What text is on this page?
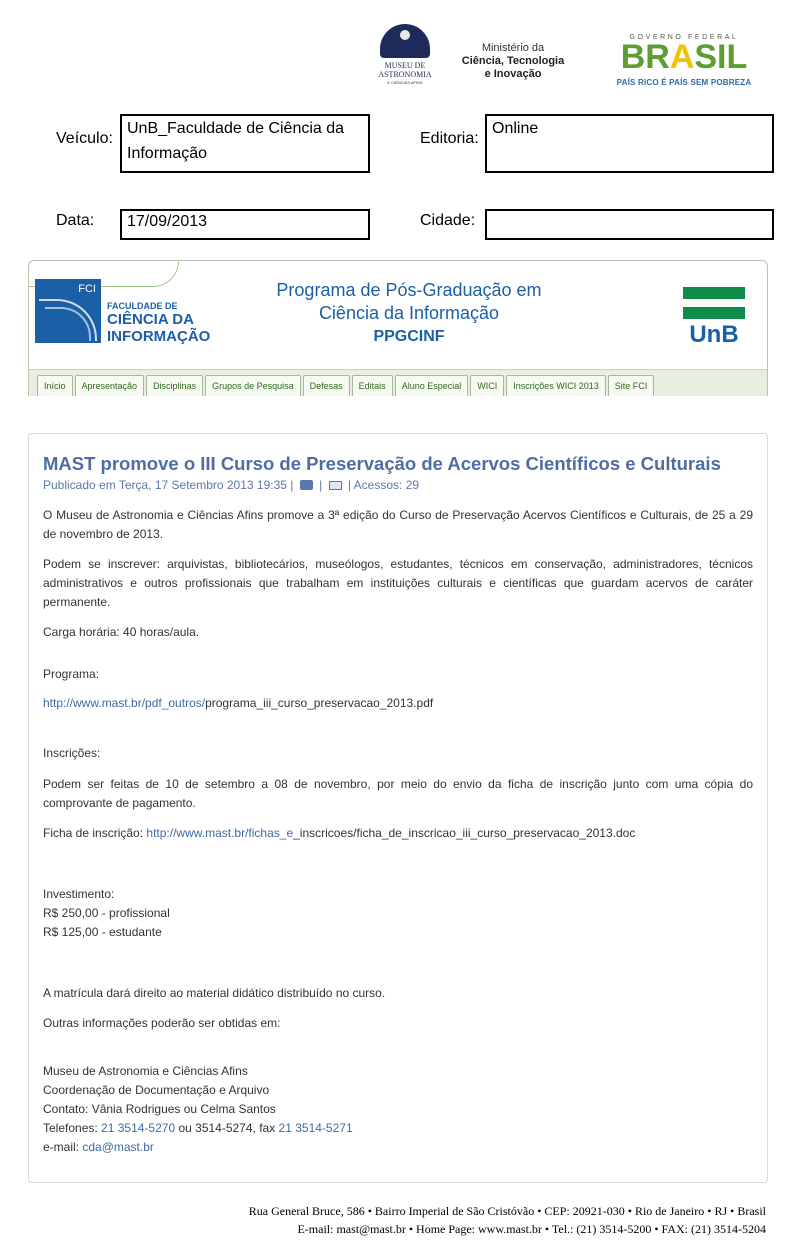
MUSEU DE
ASTRONOMIA
E CIÊNCIAS AFINS
Ministério da
Ciência, Tecnologia
e Inovação
GOVERNO FEDERAL
BRASIL
PAÍS RICO É PAÍS SEM POBREZA
Veículo:
UnB_Faculdade de Ciência da
Informação
Editoria:
Online
Data: 17/09/2013	Cidade:
FCI
FACULDADE DE
CIÊNCIA DA
INFORMAÇÃO
Programa de Pós-Graduação em
Ciência da Informação
PPGCINF	UnB
Início	Apresentação	Disciplinas	Grupos de Pesquisa	Defesas	Editais	Aluno Especial	WICI	Inscrições WICI 2013	Site FCI
MAST promove o III Curso de Preservação de Acervos Científicos e Culturais
Publicado em Terça, 17 Setembro 2013 19:35 | | | Acessos: 29
O Museu de Astronomia e Ciências Afins promove a 3ª edição do Curso de Preservação Acervos Científicos e Culturais, de 25 a 29 de novembro de 2013.
Podem se inscrever: arquivistas, bibliotecários, museólogos, estudantes, técnicos em conservação, administradores, técnicos administrativos e outros profissionais que trabalham em instituições culturais e científicas que guardam acervos de caráter permanente.
Carga horária: 40 horas/aula.
Programa:
http://www.mast.br/pdf_outros/programa_iii_curso_preservacao_2013.pdf
Inscrições:
Podem ser feitas de 10 de setembro a 08 de novembro, por meio do envio da ficha de inscrição junto com uma cópia do comprovante de pagamento.
Ficha de inscrição: http://www.mast.br/fichas_e_inscricoes/ficha_de_inscricao_iii_curso_preservacao_2013.doc
Investimento:
R$ 250,00 - profissional
R$ 125,00 - estudante
A matrícula dará direito ao material didático distribuído no curso.
Outras informações poderão ser obtidas em:
Museu de Astronomia e Ciências Afins
Coordenação de Documentação e Arquivo
Contato: Vânia Rodrigues ou Celma Santos
Telefones: 21 3514-5270 ou 3514-5274, fax 21 3514-5271
e-mail: cda@mast.br
Rua General Bruce, 586 • Bairro Imperial de São Cristóvão • CEP: 20921-030 • Rio de Janeiro • RJ • Brasil
E-mail: mast@mast.br • Home Page: www.mast.br • Tel.: (21) 3514-5200 • FAX: (21) 3514-5204
